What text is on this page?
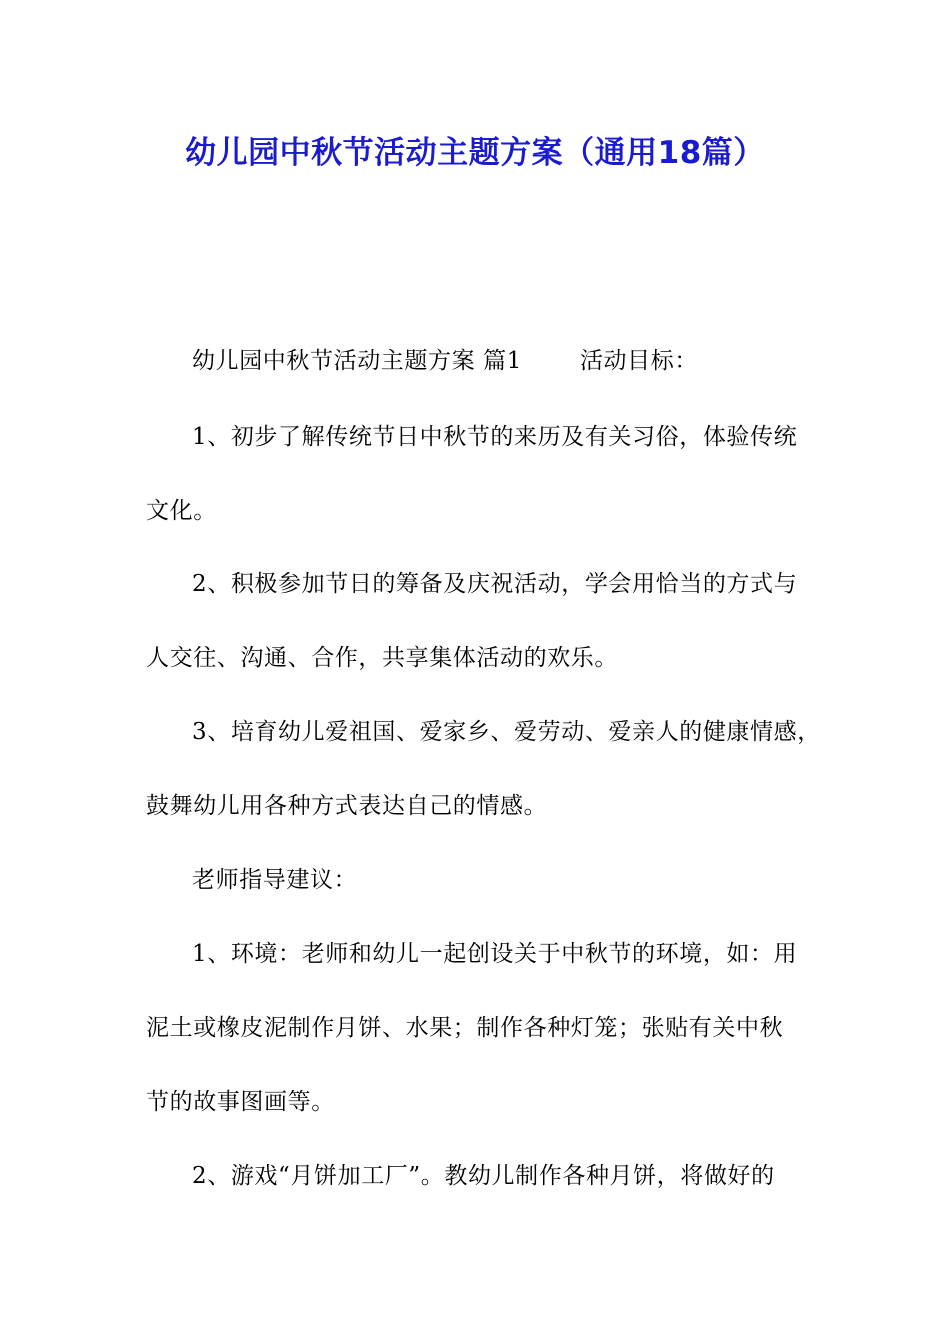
幼儿园中秋节活动主题方案（通用18篇）
幼儿园中秋节活动主题方案 篇1	活动目标：
1、初步了解传统节日中秋节的来历及有关习俗，体验传统
文化。
2、积极参加节日的筹备及庆祝活动，学会用恰当的方式与
人交往、沟通、合作，共享集体活动的欢乐。
3、培育幼儿爱祖国、爱家乡、爱劳动、爱亲人的健康情感，
鼓舞幼儿用各种方式表达自己的情感。
老师指导建议：
1、环境：老师和幼儿一起创设关于中秋节的环境，如：用
泥土或橡皮泥制作月饼、水果；制作各种灯笼；张贴有关中秋
节的故事图画等。
2、游戏“月饼加工厂”。教幼儿制作各种月饼，将做好的
